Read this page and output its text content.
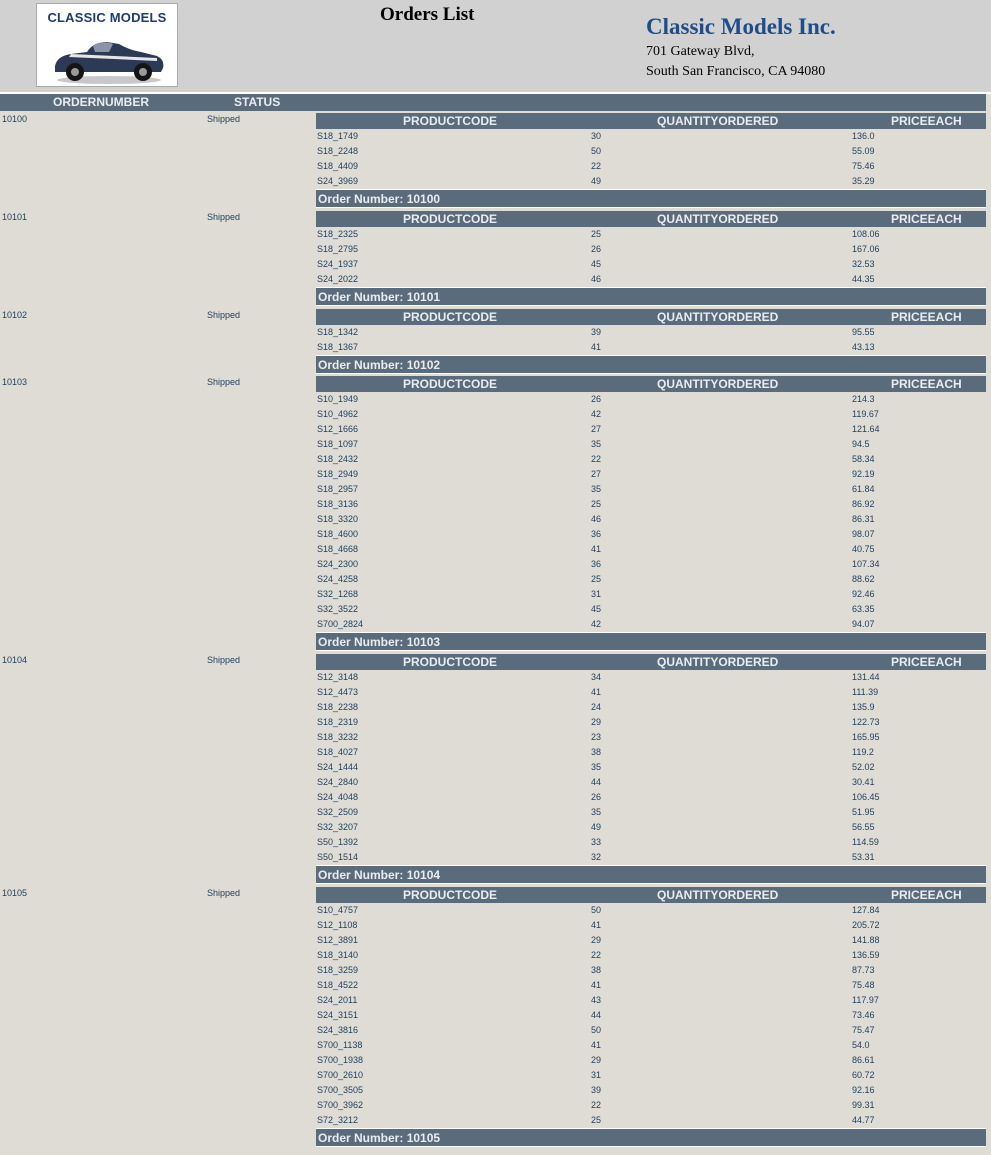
CLASSIC MODELS	Orders List	Classic Models Inc.
701 Gateway Blvd,
South San Francisco, CA 94080
ORDERNUMBER	STATUS
10100	Shipped	PRODUCTCODE	QUANTITYORDERED	PRICEEACH
S18_1749	30	136.0
S18_2248	50	55.09
S18_4409	22	75.46
S24_3969	49	35.29
Order Number: 10100
10101	Shipped	PRODUCTCODE	QUANTITYORDERED	PRICEEACH
S18_2325	25	108.06
S18_2795	26	167.06
S24_1937	45	32.53
S24_2022	46	44.35
Order Number: 10101
10102	Shipped	PRODUCTCODE	QUANTITYORDERED	PRICEEACH
S18_1342	39	95.55
S18_1367	41	43.13
Order Number: 10102
10103	Shipped	PRODUCTCODE	QUANTITYORDERED	PRICEEACH
S10_1949	26	214.3
S10_4962	42	119.67
S12_1666	27	121.64
S18_1097	35	94.5
S18_2432	22	58.34
S18_2949	27	92.19
S18_2957	35	61.84
S18_3136	25	86.92
S18_3320	46	86.31
S18_4600	36	98.07
S18_4668	41	40.75
S24_2300	36	107.34
S24_4258	25	88.62
S32_1268	31	92.46
S32_3522	45	63.35
S700_2824	42	94.07
Order Number: 10103
10104	Shipped	PRODUCTCODE	QUANTITYORDERED	PRICEEACH
S12_3148	34	131.44
S12_4473	41	111.39
S18_2238	24	135.9
S18_2319	29	122.73
S18_3232	23	165.95
S18_4027	38	119.2
S24_1444	35	52.02
S24_2840	44	30.41
S24_4048	26	106.45
S32_2509	35	51.95
S32_3207	49	56.55
S50_1392	33	114.59
S50_1514	32	53.31
Order Number: 10104
10105	Shipped	PRODUCTCODE	QUANTITYORDERED	PRICEEACH
S10_4757	50	127.84
S12_1108	41	205.72
S12_3891	29	141.88
S18_3140	22	136.59
S18_3259	38	87.73
S18_4522	41	75.48
S24_2011	43	117.97
S24_3151	44	73.46
S24_3816	50	75.47
S700_1138	41	54.0
S700_1938	29	86.61
S700_2610	31	60.72
S700_3505	39	92.16
S700_3962	22	99.31
S72_3212	25	44.77
Order Number: 10105
